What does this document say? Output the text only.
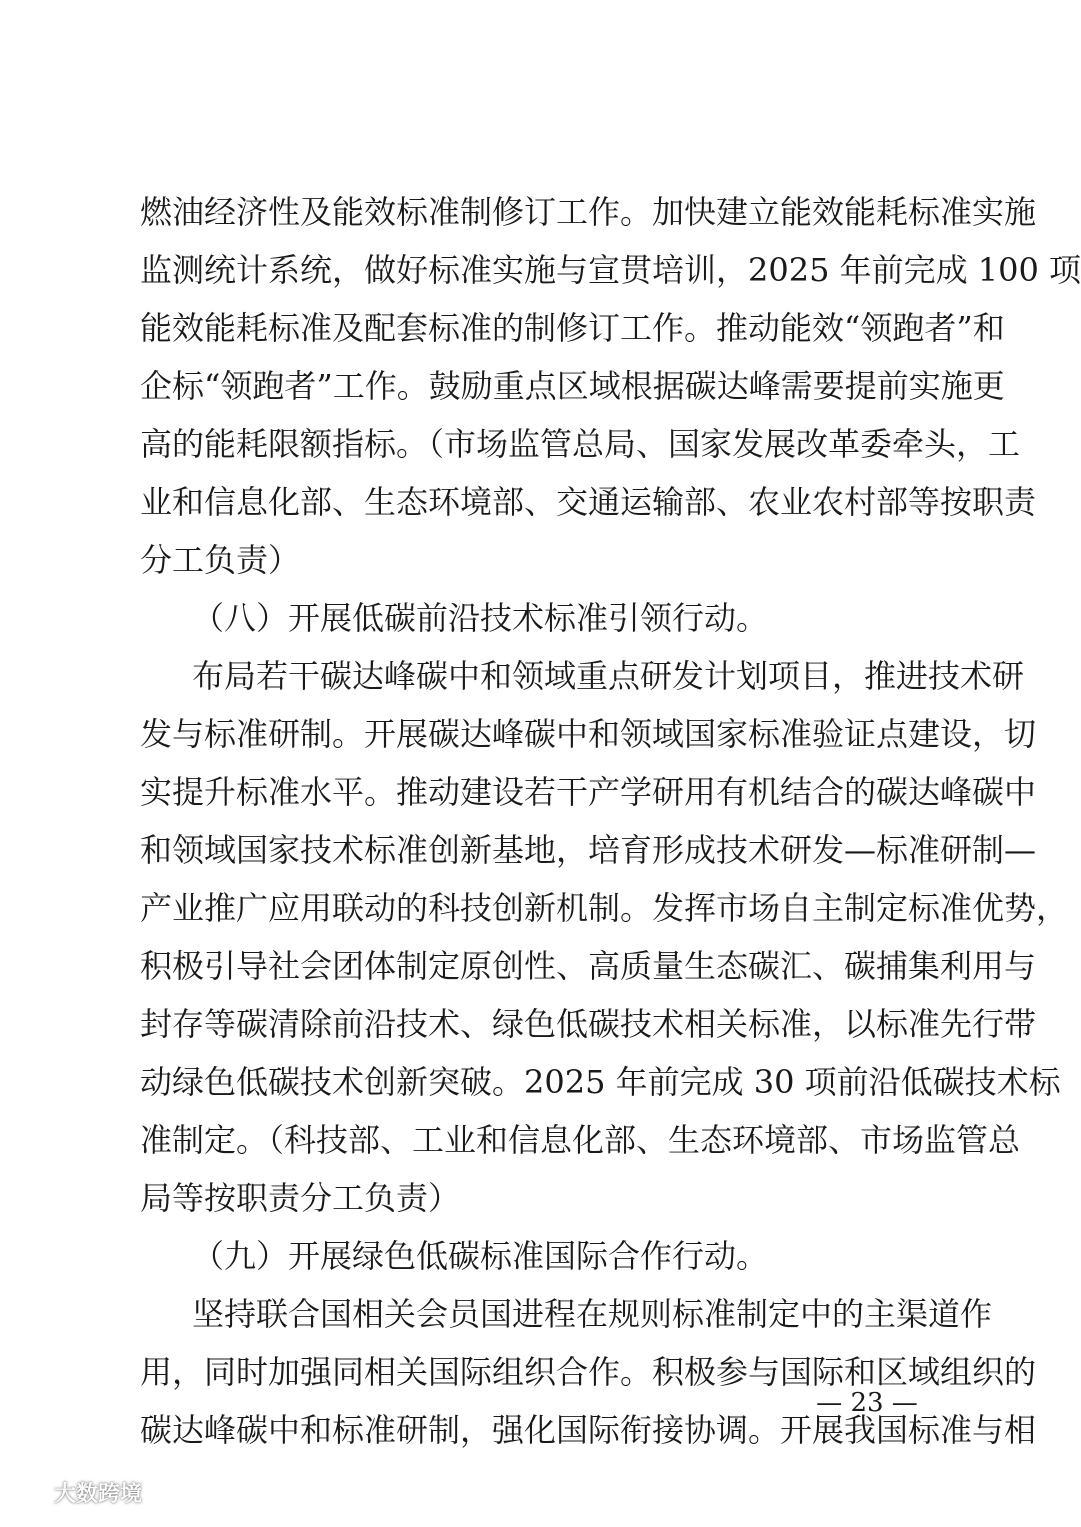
燃油经济性及能效标准制修订工作。加快建立能效能耗标准实施
监测统计系统，做好标准实施与宣贯培训，2025 年前完成 100 项
能效能耗标准及配套标准的制修订工作。推动能效“领跑者”和
企标“领跑者”工作。鼓励重点区域根据碳达峰需要提前实施更
高的能耗限额指标。（市场监管总局、国家发展改革委牵头，工
业和信息化部、生态环境部、交通运输部、农业农村部等按职责
分工负责）
（八）开展低碳前沿技术标准引领行动。
布局若干碳达峰碳中和领域重点研发计划项目，推进技术研
发与标准研制。开展碳达峰碳中和领域国家标准验证点建设，切
实提升标准水平。推动建设若干产学研用有机结合的碳达峰碳中
和领域国家技术标准创新基地，培育形成技术研发—标准研制—
产业推广应用联动的科技创新机制。发挥市场自主制定标准优势，
积极引导社会团体制定原创性、高质量生态碳汇、碳捕集利用与
封存等碳清除前沿技术、绿色低碳技术相关标准，以标准先行带
动绿色低碳技术创新突破。2025 年前完成 30 项前沿低碳技术标
准制定。（科技部、工业和信息化部、生态环境部、市场监管总
局等按职责分工负责）
（九）开展绿色低碳标准国际合作行动。
坚持联合国相关会员国进程在规则标准制定中的主渠道作
用，同时加强同相关国际组织合作。积极参与国际和区域组织的
碳达峰碳中和标准研制，强化国际衔接协调。开展我国标准与相
— 23 —
大数跨境
